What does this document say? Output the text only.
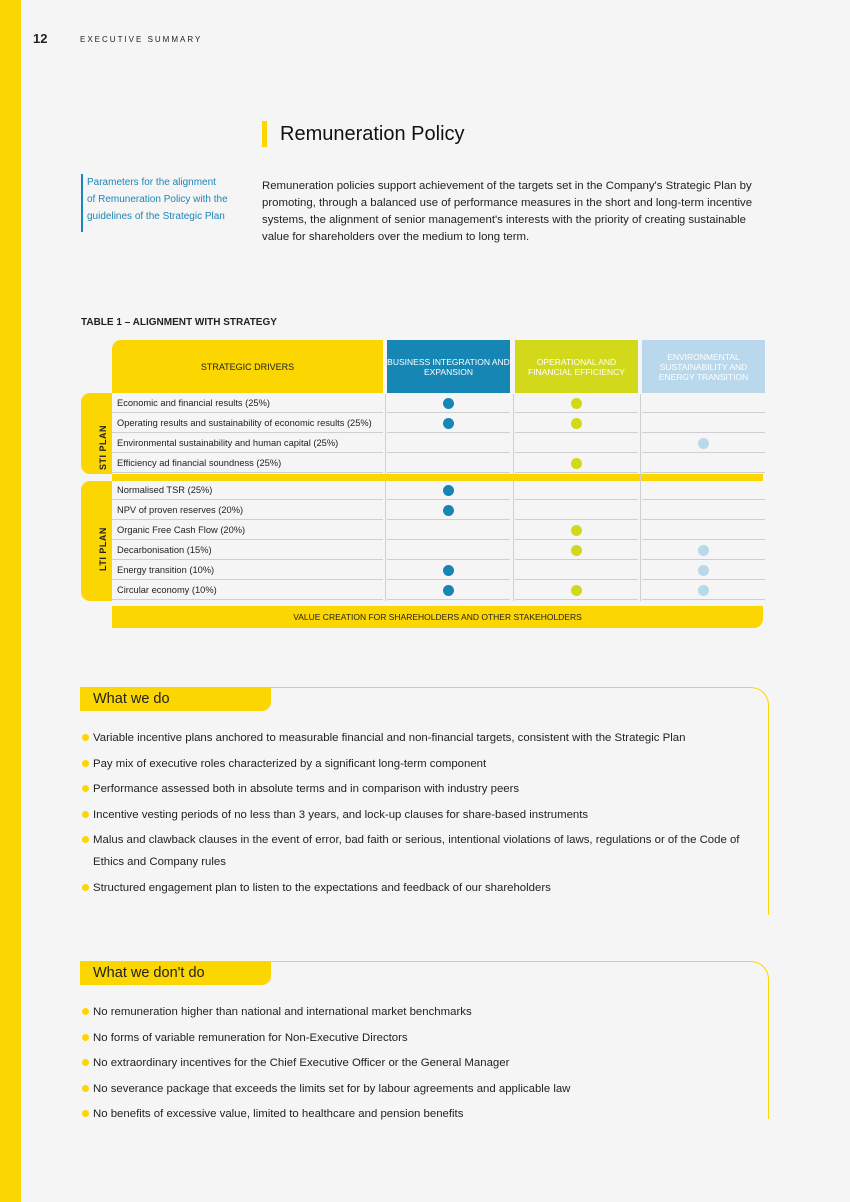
12	EXECUTIVE SUMMARY
Remuneration Policy
Parameters for the alignment
of Remuneration Policy with the
guidelines of the Strategic Plan
Remuneration policies support achievement of the targets set in the Company's Strategic Plan by promoting, through a balanced use of performance measures in the short and long-term incentive systems, the alignment of senior management's interests with the priority of creating sustainable value for shareholders over the medium to long term.
TABLE 1 – ALIGNMENT WITH STRATEGY
STRATEGIC DRIVERS	BUSINESS INTEGRATION AND EXPANSION
OPERATIONAL AND FINANCIAL EFFICIENCY
ENVIRONMENTAL SUSTAINABILITY AND ENERGY TRANSITION
STI PLAN
LTI PLAN
Economic and financial results (25%)
Operating results and sustainability of economic results (25%)
Environmental sustainability and human capital (25%)
Efficiency ad financial soundness (25%)
Normalised TSR (25%)
NPV of proven reserves (20%)
Organic Free Cash Flow (20%)
Decarbonisation (15%)
Energy transition (10%)
Circular economy (10%)
VALUE CREATION FOR SHAREHOLDERS AND OTHER STAKEHOLDERS
What we do
Variable incentive plans anchored to measurable financial and non-financial targets, consistent with the Strategic Plan
Pay mix of executive roles characterized by a significant long-term component
Performance assessed both in absolute terms and in comparison with industry peers
Incentive vesting periods of no less than 3 years, and lock-up clauses for share-based instruments
Malus and clawback clauses in the event of error, bad faith or serious, intentional violations of laws, regulations or of the Code of Ethics and Company rules
Structured engagement plan to listen to the expectations and feedback of our shareholders
What we don't do
No remuneration higher than national and international market benchmarks
No forms of variable remuneration for Non-Executive Directors
No extraordinary incentives for the Chief Executive Officer or the General Manager
No severance package that exceeds the limits set for by labour agreements and applicable law
No benefits of excessive value, limited to healthcare and pension benefits
